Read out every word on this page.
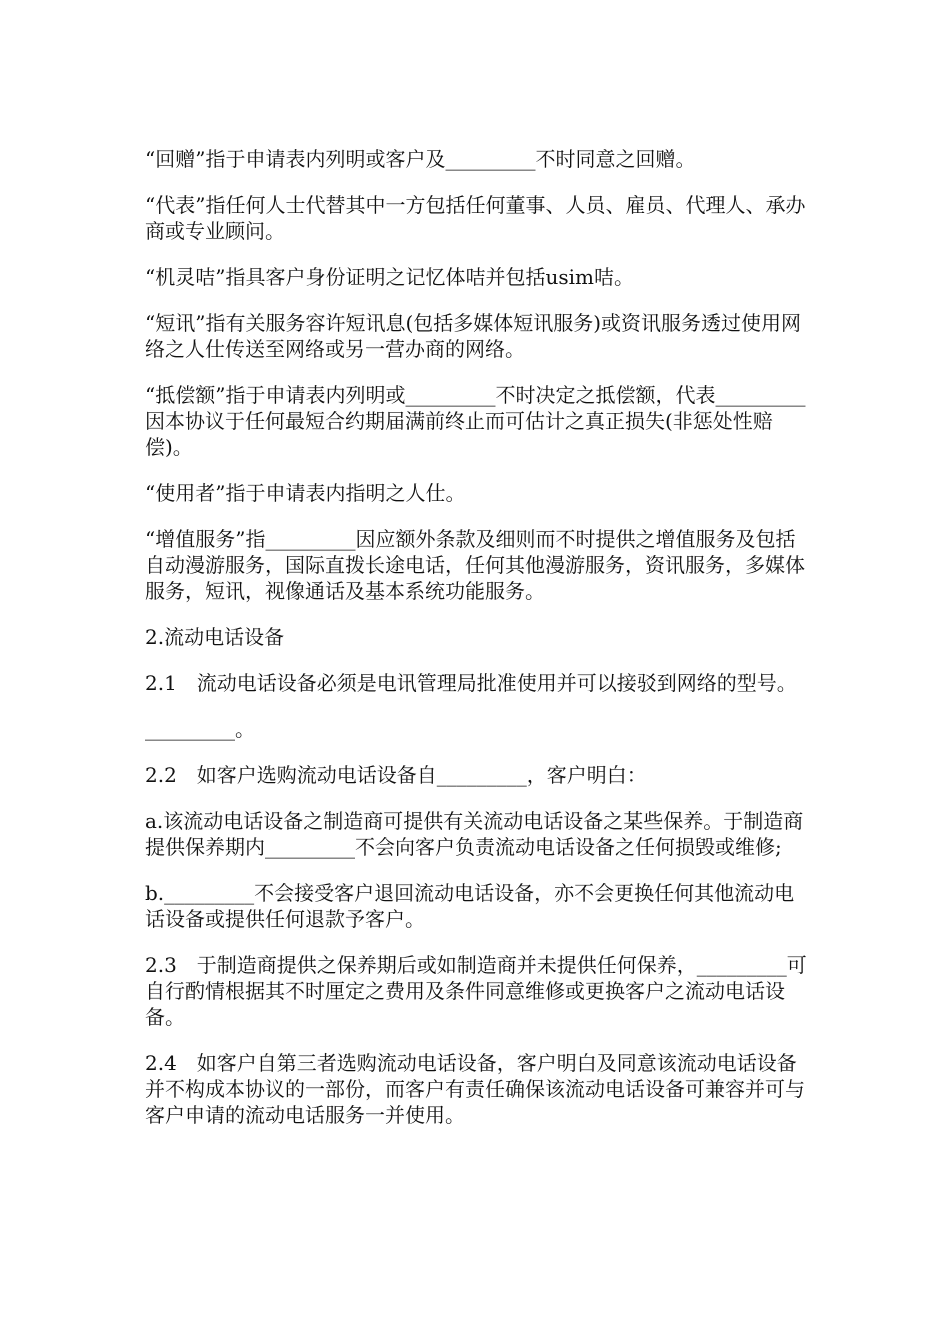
“回赠”指于申请表内列明或客户及_________不时同意之回赠。

“代表”指任何人士代替其中一方包括任何董事、人员、雇员、代理人、承办商或专业顾问。

“机灵咭”指具客户身份证明之记忆体咭并包括usim咭。

“短讯”指有关服务容许短讯息(包括多媒体短讯服务)或资讯服务透过使用网络之人仕传送至网络或另一营办商的网络。

“抵偿额”指于申请表内列明或_________不时决定之抵偿额，代表_________因本协议于任何最短合约期届满前终止而可估计之真正损失(非惩处性赔偿)。

“使用者”指于申请表内指明之人仕。

“增值服务”指_________因应额外条款及细则而不时提供之增值服务及包括自动漫游服务，国际直拨长途电话，任何其他漫游服务，资讯服务，多媒体服务，短讯，视像通话及基本系统功能服务。

2.流动电话设备

2.1　流动电话设备必须是电讯管理局批准使用并可以接驳到网络的型号。

_________。

2.2　如客户选购流动电话设备自_________，客户明白：

a.该流动电话设备之制造商可提供有关流动电话设备之某些保养。于制造商提供保养期内_________不会向客户负责流动电话设备之任何损毁或维修;

b._________不会接受客户退回流动电话设备，亦不会更换任何其他流动电话设备或提供任何退款予客户。

2.3　于制造商提供之保养期后或如制造商并未提供任何保养，_________可自行酌情根据其不时厘定之费用及条件同意维修或更换客户之流动电话设备。

2.4　如客户自第三者选购流动电话设备，客户明白及同意该流动电话设备并不构成本协议的一部份，而客户有责任确保该流动电话设备可兼容并可与客户申请的流动电话服务一并使用。
